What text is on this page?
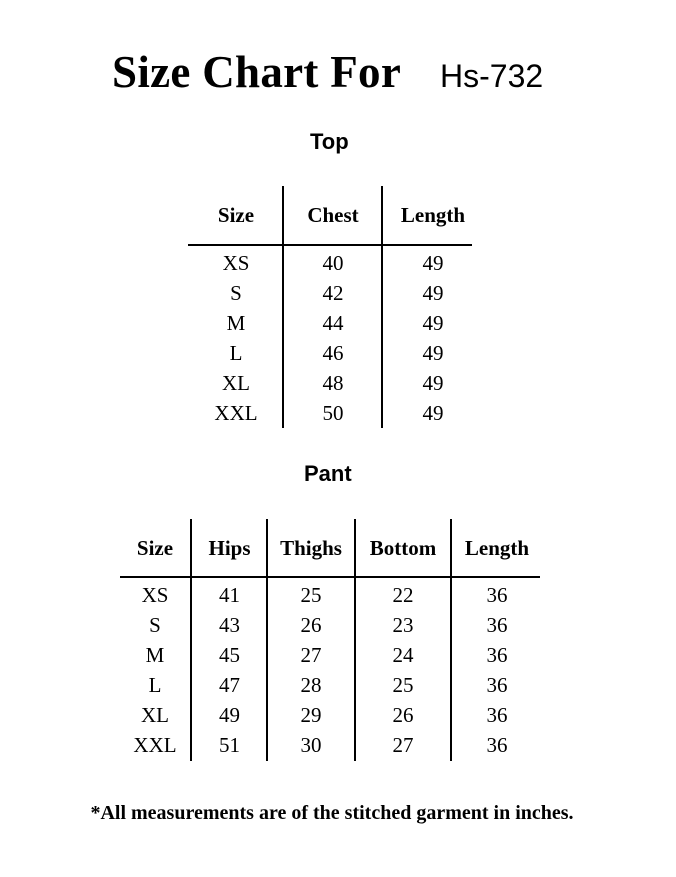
Size Chart For Hs-732
Top
Size	Chest	Length
XS	40	49
S	42	49
M	44	49
L	46	49
XL	48	49
XXL	50	49
Pant
Size	Hips	Thighs	Bottom	Length
XS	41	25	22	36
S	43	26	23	36
M	45	27	24	36
L	47	28	25	36
XL	49	29	26	36
XXL	51	30	27	36
*All measurements are of the stitched garment in inches.
